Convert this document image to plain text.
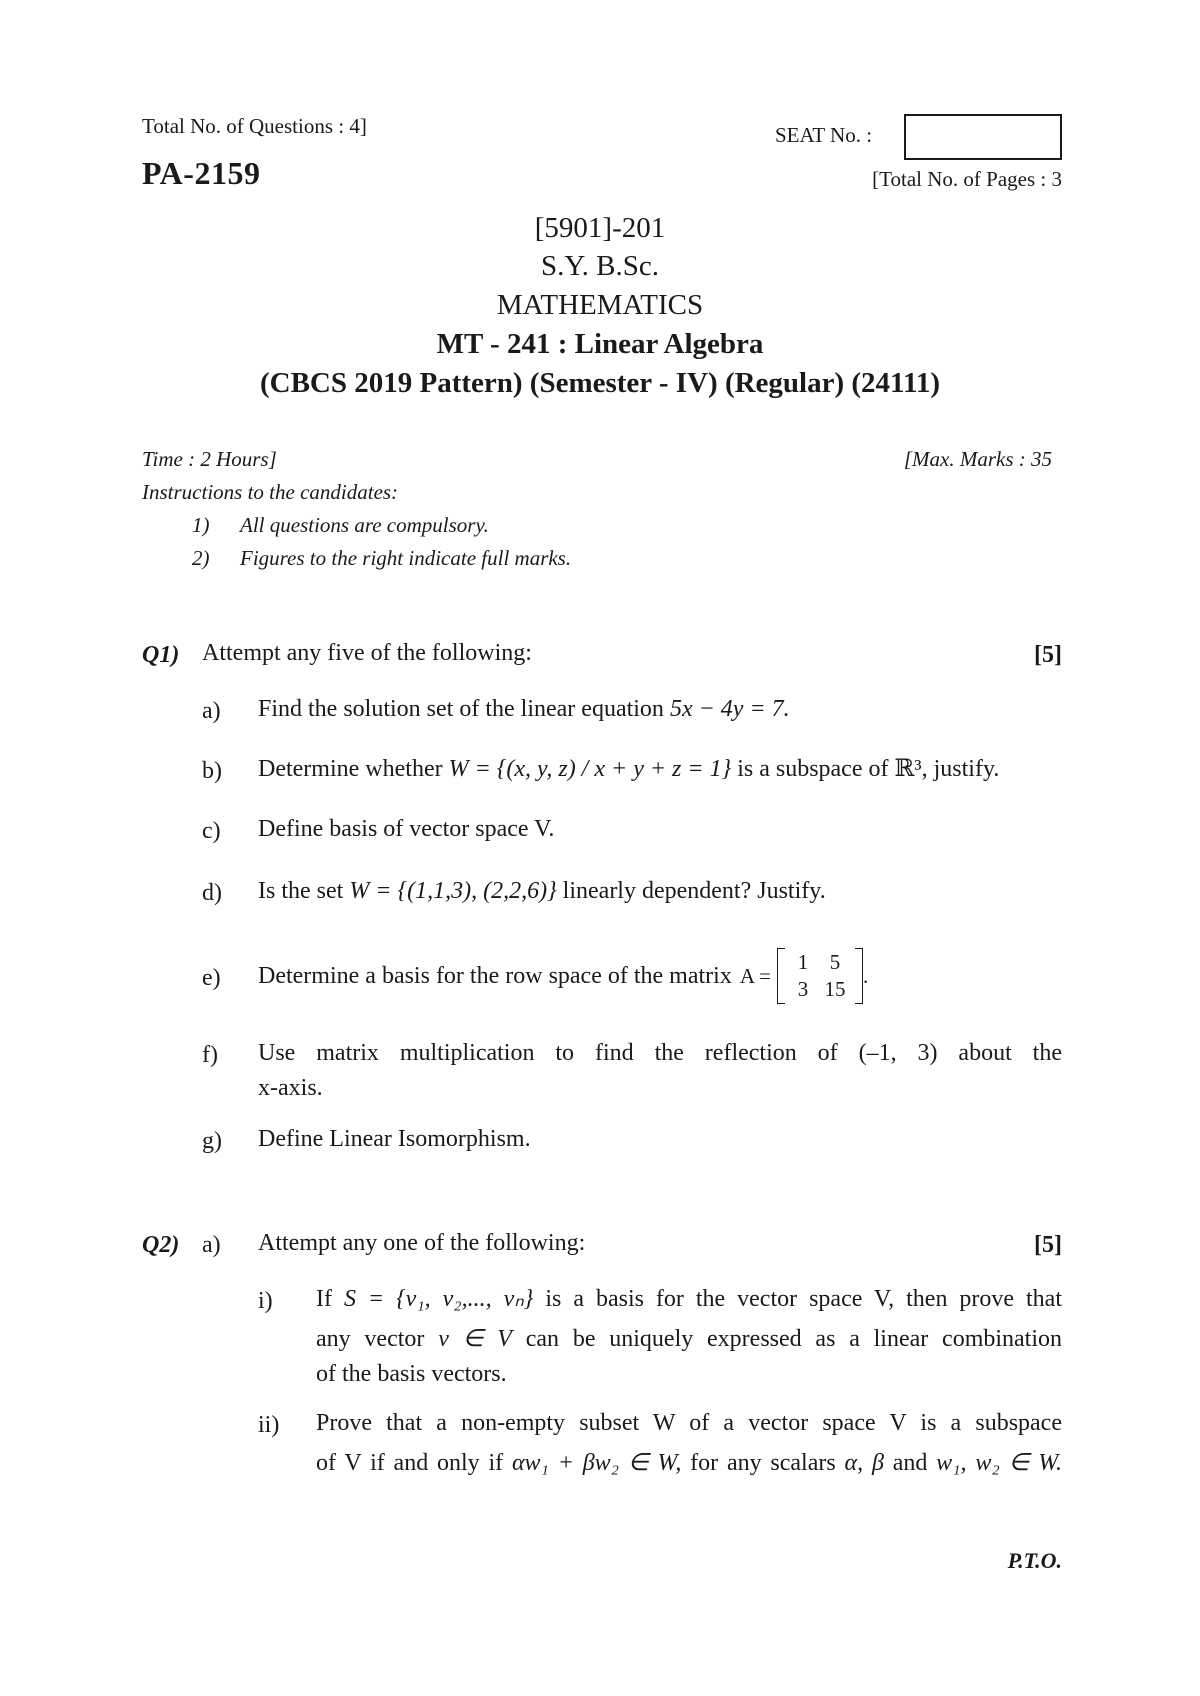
Total No. of Questions : 4]
PA-2159
SEAT No. :
[Total No. of Pages : 3
[5901]-201
S.Y. B.Sc.
MATHEMATICS
MT - 241 : Linear Algebra
(CBCS 2019 Pattern) (Semester - IV) (Regular) (24111)
Time : 2 Hours]	[Max. Marks : 35
Instructions to the candidates:
1) All questions are compulsory.
2) Figures to the right indicate full marks.
Q1) Attempt any five of the following:	[5]
a) Find the solution set of the linear equation 5x − 4y = 7.
b) Determine whether W = {(x, y, z) / x + y + z = 1} is a subspace of ℝ³, justify.
c) Define basis of vector space V.
d) Is the set W = {(1,1,3), (2,2,6)} linearly dependent? Justify.
e) Determine a basis for the row space of the matrix A =
1	5
3 15
.
f) Use matrix multiplication to find the reflection of (–1, 3) about the
x-axis.
g) Define Linear Isomorphism.
Q2) a) Attempt any one of the following:	[5]
i) If S = {v₁, v₂,..., vₙ} is a basis for the vector space V, then prove that
any vector v ∈ V can be uniquely expressed as a linear combination
of the basis vectors.
ii) Prove that a non-empty subset W of a vector space V is a subspace
of V if and only if αw₁ + βw₂ ∈ W, for any scalars α, β and w₁, w₂ ∈ W.
P.T.O.
